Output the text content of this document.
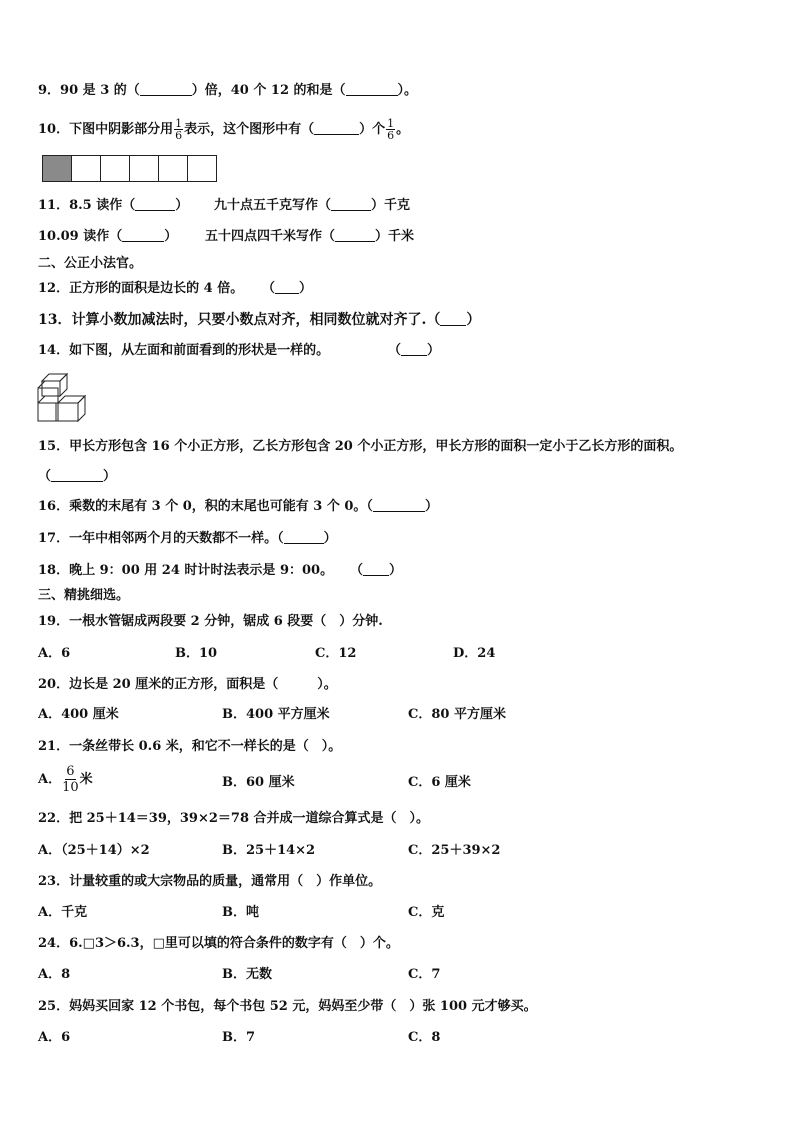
9．90 是 3 的（	）倍，40 个 12 的和是（	）。
10．下图中阴影部分用 $\frac{1}{6}$ 表示，这个图形中有（	）个 $\frac{1}{6}$ 。
11．8.5 读作（	） 九十点五千克写作（	）千克
10.09 读作（	） 五十四点四千米写作（	）千米
二、公正小法官。
12．正方形的面积是边长的 4 倍。 （ ）
13．计算小数加减法时，只要小数点对齐，相同数位就对齐了.（ ）
14．如下图，从左面和前面看到的形状是一样的。	（ ）
15．甲长方形包含 16 个小正方形，乙长方形包含 20 个小正方形，甲长方形的面积一定小于乙长方形的面积。
（	）
16．乘数的末尾有 3 个 0，积的末尾也可能有 3 个 0。（	）
17．一年中相邻两个月的天数都不一样。（	）
18．晚上 9：00 用 24 时计时法表示是 9：00。 （ ）
三、精挑细选。
19．一根水管锯成两段要 2 分钟，锯成 6 段要（　）分钟.
A．6	B．10	C．12	D．24
20．边长是 20 厘米的正方形，面积是（　　　）。
A．400 厘米	B．400 平方厘米	C．80 平方厘米
21．一条丝带长 0.6 米，和它不一样长的是（　）。
A． $\frac{6}{10}$ 米	B．60 厘米	C．6 厘米
22．把 25＋14＝39，39×2＝78 合并成一道综合算式是（　）。
A．（25＋14）×2	B．25＋14×2	C．25＋39×2
23．计量较重的或大宗物品的质量，通常用（　）作单位。
A．千克	B．吨	C．克
24．6.□3＞6.3，□里可以填的符合条件的数字有（　）个。
A．8	B．无数	C．7
25．妈妈买回家 12 个书包，每个书包 52 元，妈妈至少带（　）张 100 元才够买。
A．6	B．7	C．8
